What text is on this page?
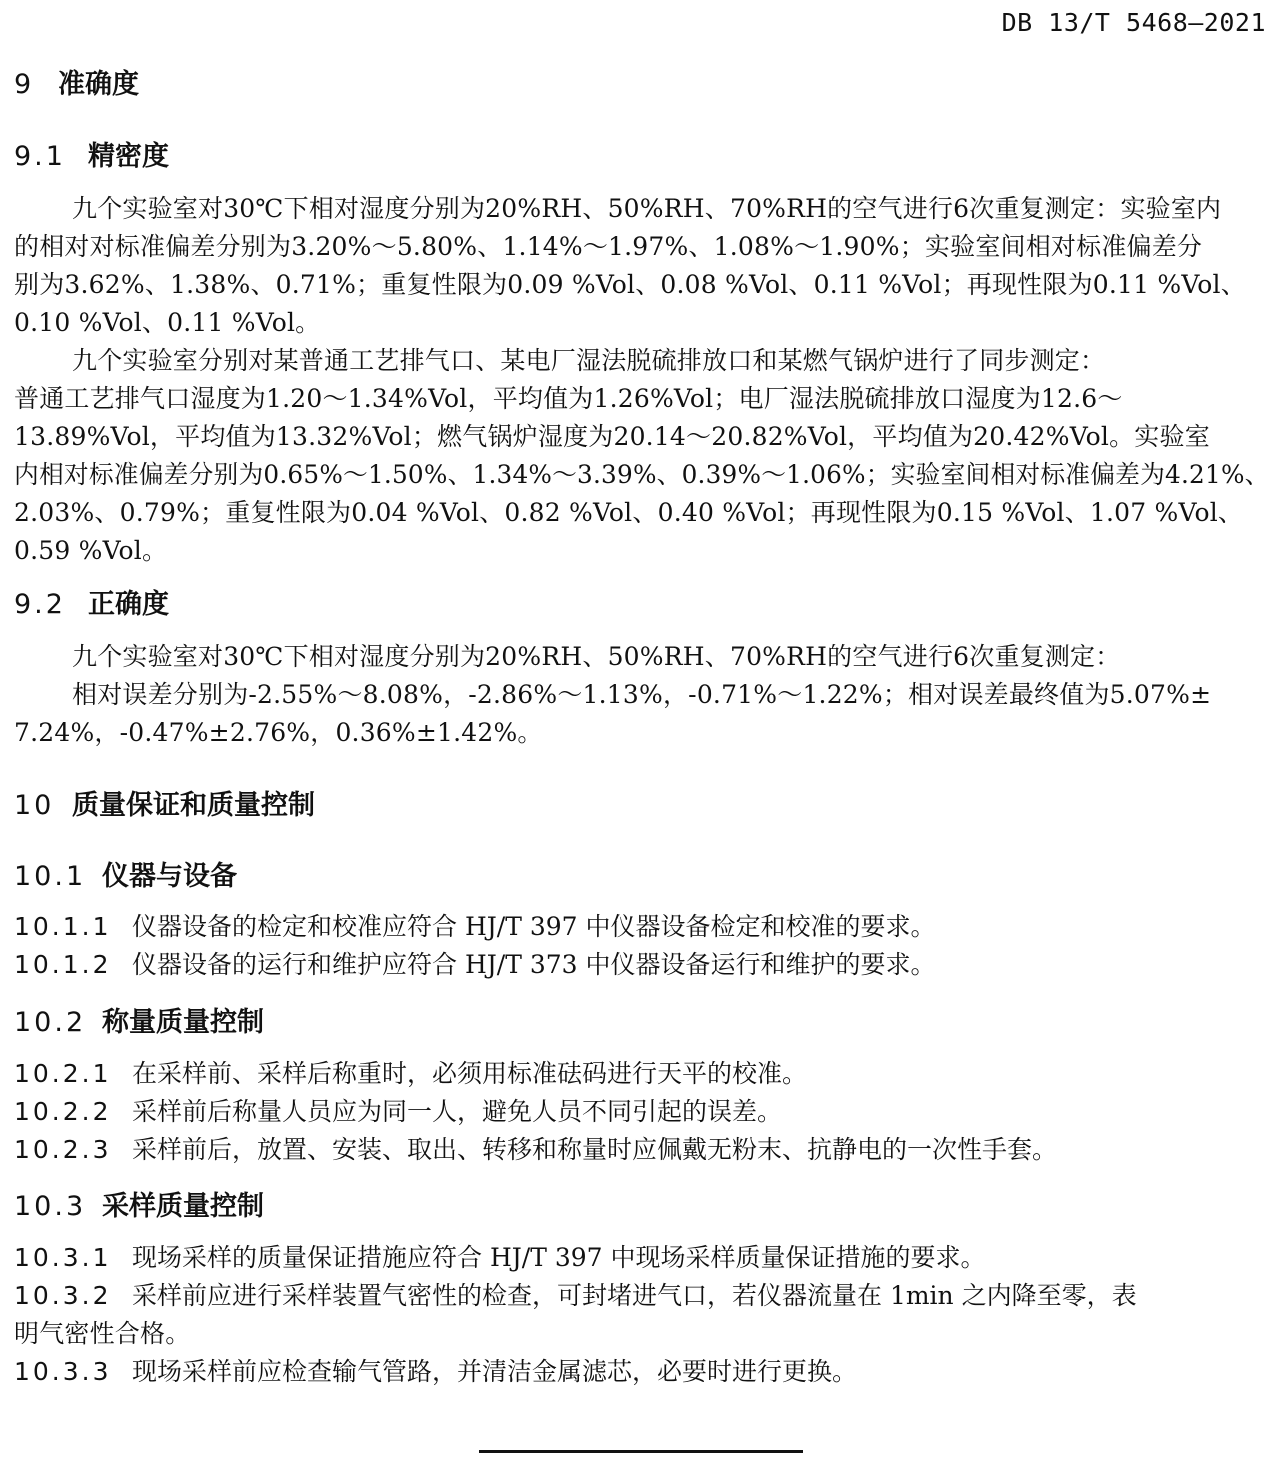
DB 13/T 5468—2021
9 准确度
9.1 精密度
九个实验室对30℃下相对湿度分别为20%RH、50%RH、70%RH的空气进行6次重复测定：实验室内
的相对对标准偏差分别为3.20%～5.80%、1.14%～1.97%、1.08%～1.90%；实验室间相对标准偏差分
别为3.62%、1.38%、0.71%；重复性限为0.09 %Vol、0.08 %Vol、0.11 %Vol；再现性限为0.11 %Vol、
0.10 %Vol、0.11 %Vol。
九个实验室分别对某普通工艺排气口、某电厂湿法脱硫排放口和某燃气锅炉进行了同步测定：
普通工艺排气口湿度为1.20～1.34%Vol，平均值为1.26%Vol；电厂湿法脱硫排放口湿度为12.6～
13.89%Vol，平均值为13.32%Vol；燃气锅炉湿度为20.14～20.82%Vol，平均值为20.42%Vol。实验室
内相对标准偏差分别为0.65%～1.50%、1.34%～3.39%、0.39%～1.06%；实验室间相对标准偏差为4.21%、
2.03%、0.79%；重复性限为0.04 %Vol、0.82 %Vol、0.40 %Vol；再现性限为0.15 %Vol、1.07 %Vol、
0.59 %Vol。
9.2 正确度
九个实验室对30℃下相对湿度分别为20%RH、50%RH、70%RH的空气进行6次重复测定：
相对误差分别为-2.55%～8.08%，-2.86%～1.13%，-0.71%～1.22%；相对误差最终值为5.07%±
7.24%，-0.47%±2.76%，0.36%±1.42%。
10 质量保证和质量控制
10.1 仪器与设备
10.1.1 仪器设备的检定和校准应符合 HJ/T 397 中仪器设备检定和校准的要求。
10.1.2 仪器设备的运行和维护应符合 HJ/T 373 中仪器设备运行和维护的要求。
10.2 称量质量控制
10.2.1 在采样前、采样后称重时，必须用标准砝码进行天平的校准。
10.2.2 采样前后称量人员应为同一人，避免人员不同引起的误差。
10.2.3 采样前后，放置、安装、取出、转移和称量时应佩戴无粉末、抗静电的一次性手套。
10.3 采样质量控制
10.3.1 现场采样的质量保证措施应符合 HJ/T 397 中现场采样质量保证措施的要求。
10.3.2 采样前应进行采样装置气密性的检查，可封堵进气口，若仪器流量在 1min 之内降至零，表
明气密性合格。
10.3.3 现场采样前应检查输气管路，并清洁金属滤芯，必要时进行更换。
